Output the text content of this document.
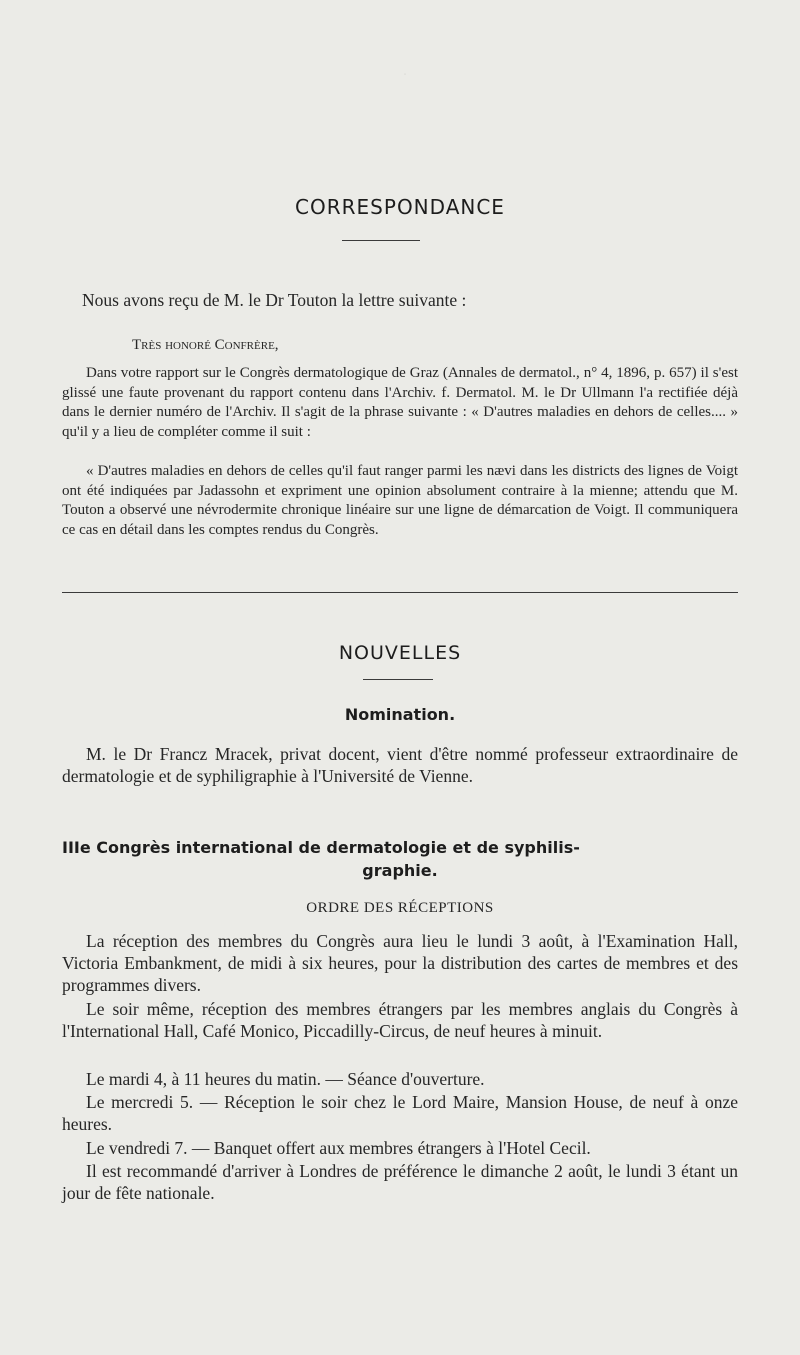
.
CORRESPONDANCE
Nous avons reçu de M. le Dr Touton la lettre suivante :
Très honoré Confrère,
Dans votre rapport sur le Congrès dermatologique de Graz (Annales de dermatol., n° 4, 1896, p. 657) il s'est glissé une faute provenant du rapport contenu dans l'Archiv. f. Dermatol. M. le Dr Ullmann l'a rectifiée déjà dans le dernier numéro de l'Archiv. Il s'agit de la phrase suivante : « D'autres maladies en dehors de celles.... » qu'il y a lieu de compléter comme il suit :
« D'autres maladies en dehors de celles qu'il faut ranger parmi les nævi dans les districts des lignes de Voigt ont été indiquées par Jadassohn et expriment une opinion absolument contraire à la mienne; attendu que M. Touton a observé une névrodermite chronique linéaire sur une ligne de démarcation de Voigt. Il communiquera ce cas en détail dans les comptes rendus du Congrès.
NOUVELLES
Nomination.
M. le Dr Francz Mracek, privat docent, vient d'être nommé professeur extraordinaire de dermatologie et de syphiligraphie à l'Université de Vienne.
IIIe Congrès international de dermatologie et de syphilis-
graphie.
ORDRE DES RÉCEPTIONS
La réception des membres du Congrès aura lieu le lundi 3 août, à l'Examination Hall, Victoria Embankment, de midi à six heures, pour la distribution des cartes de membres et des programmes divers.
Le soir même, réception des membres étrangers par les membres anglais du Congrès à l'International Hall, Café Monico, Piccadilly-Circus, de neuf heures à minuit.
Le mardi 4, à 11 heures du matin. — Séance d'ouverture.
Le mercredi 5. — Réception le soir chez le Lord Maire, Mansion House, de neuf à onze heures.
Le vendredi 7. — Banquet offert aux membres étrangers à l'Hotel Cecil.
Il est recommandé d'arriver à Londres de préférence le dimanche 2 août, le lundi 3 étant un jour de fête nationale.
